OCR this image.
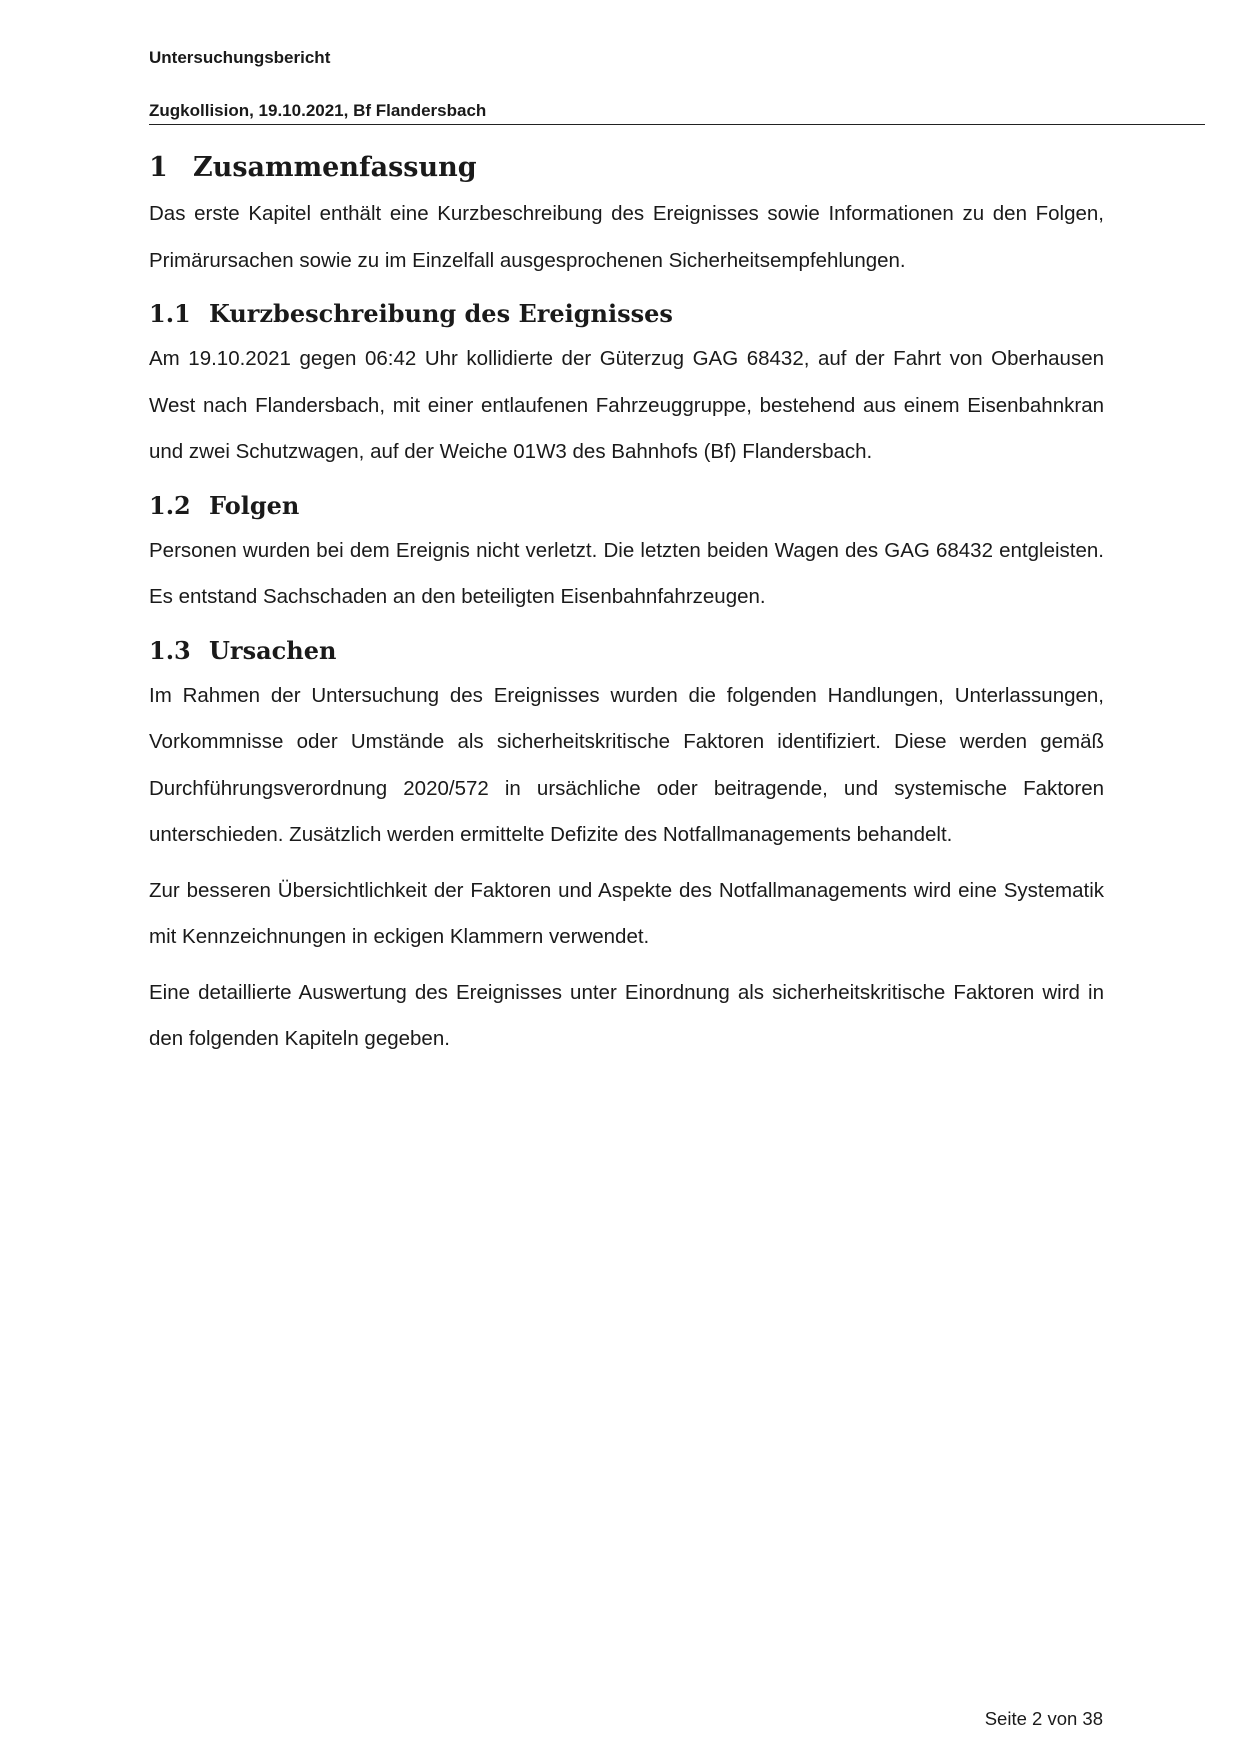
Untersuchungsbericht
Zugkollision, 19.10.2021, Bf Flandersbach
1 Zusammenfassung

Das erste Kapitel enthält eine Kurzbeschreibung des Ereignisses sowie Informationen zu den Folgen, Primärursachen sowie zu im Einzelfall ausgesprochenen Sicherheitsempfehlungen.

1.1 Kurzbeschreibung des Ereignisses

Am 19.10.2021 gegen 06:42 Uhr kollidierte der Güterzug GAG 68432, auf der Fahrt von Oberhausen West nach Flandersbach, mit einer entlaufenen Fahrzeuggruppe, bestehend aus einem Eisenbahnkran und zwei Schutzwagen, auf der Weiche 01W3 des Bahnhofs (Bf) Flandersbach.

1.2 Folgen

Personen wurden bei dem Ereignis nicht verletzt. Die letzten beiden Wagen des GAG 68432 entgleisten. Es entstand Sachschaden an den beteiligten Eisenbahnfahrzeugen.

1.3 Ursachen

Im Rahmen der Untersuchung des Ereignisses wurden die folgenden Handlungen, Unterlassungen, Vorkommnisse oder Umstände als sicherheitskritische Faktoren identifiziert. Diese werden gemäß Durchführungsverordnung 2020/572 in ursächliche oder beitragende, und systemische Faktoren unterschieden. Zusätzlich werden ermittelte Defizite des Notfallmanagements behandelt.

Zur besseren Übersichtlichkeit der Faktoren und Aspekte des Notfallmanagements wird eine Systematik mit Kennzeichnungen in eckigen Klammern verwendet.

Eine detaillierte Auswertung des Ereignisses unter Einordnung als sicherheitskritische Faktoren wird in den folgenden Kapiteln gegeben.

Seite 2 von 38
